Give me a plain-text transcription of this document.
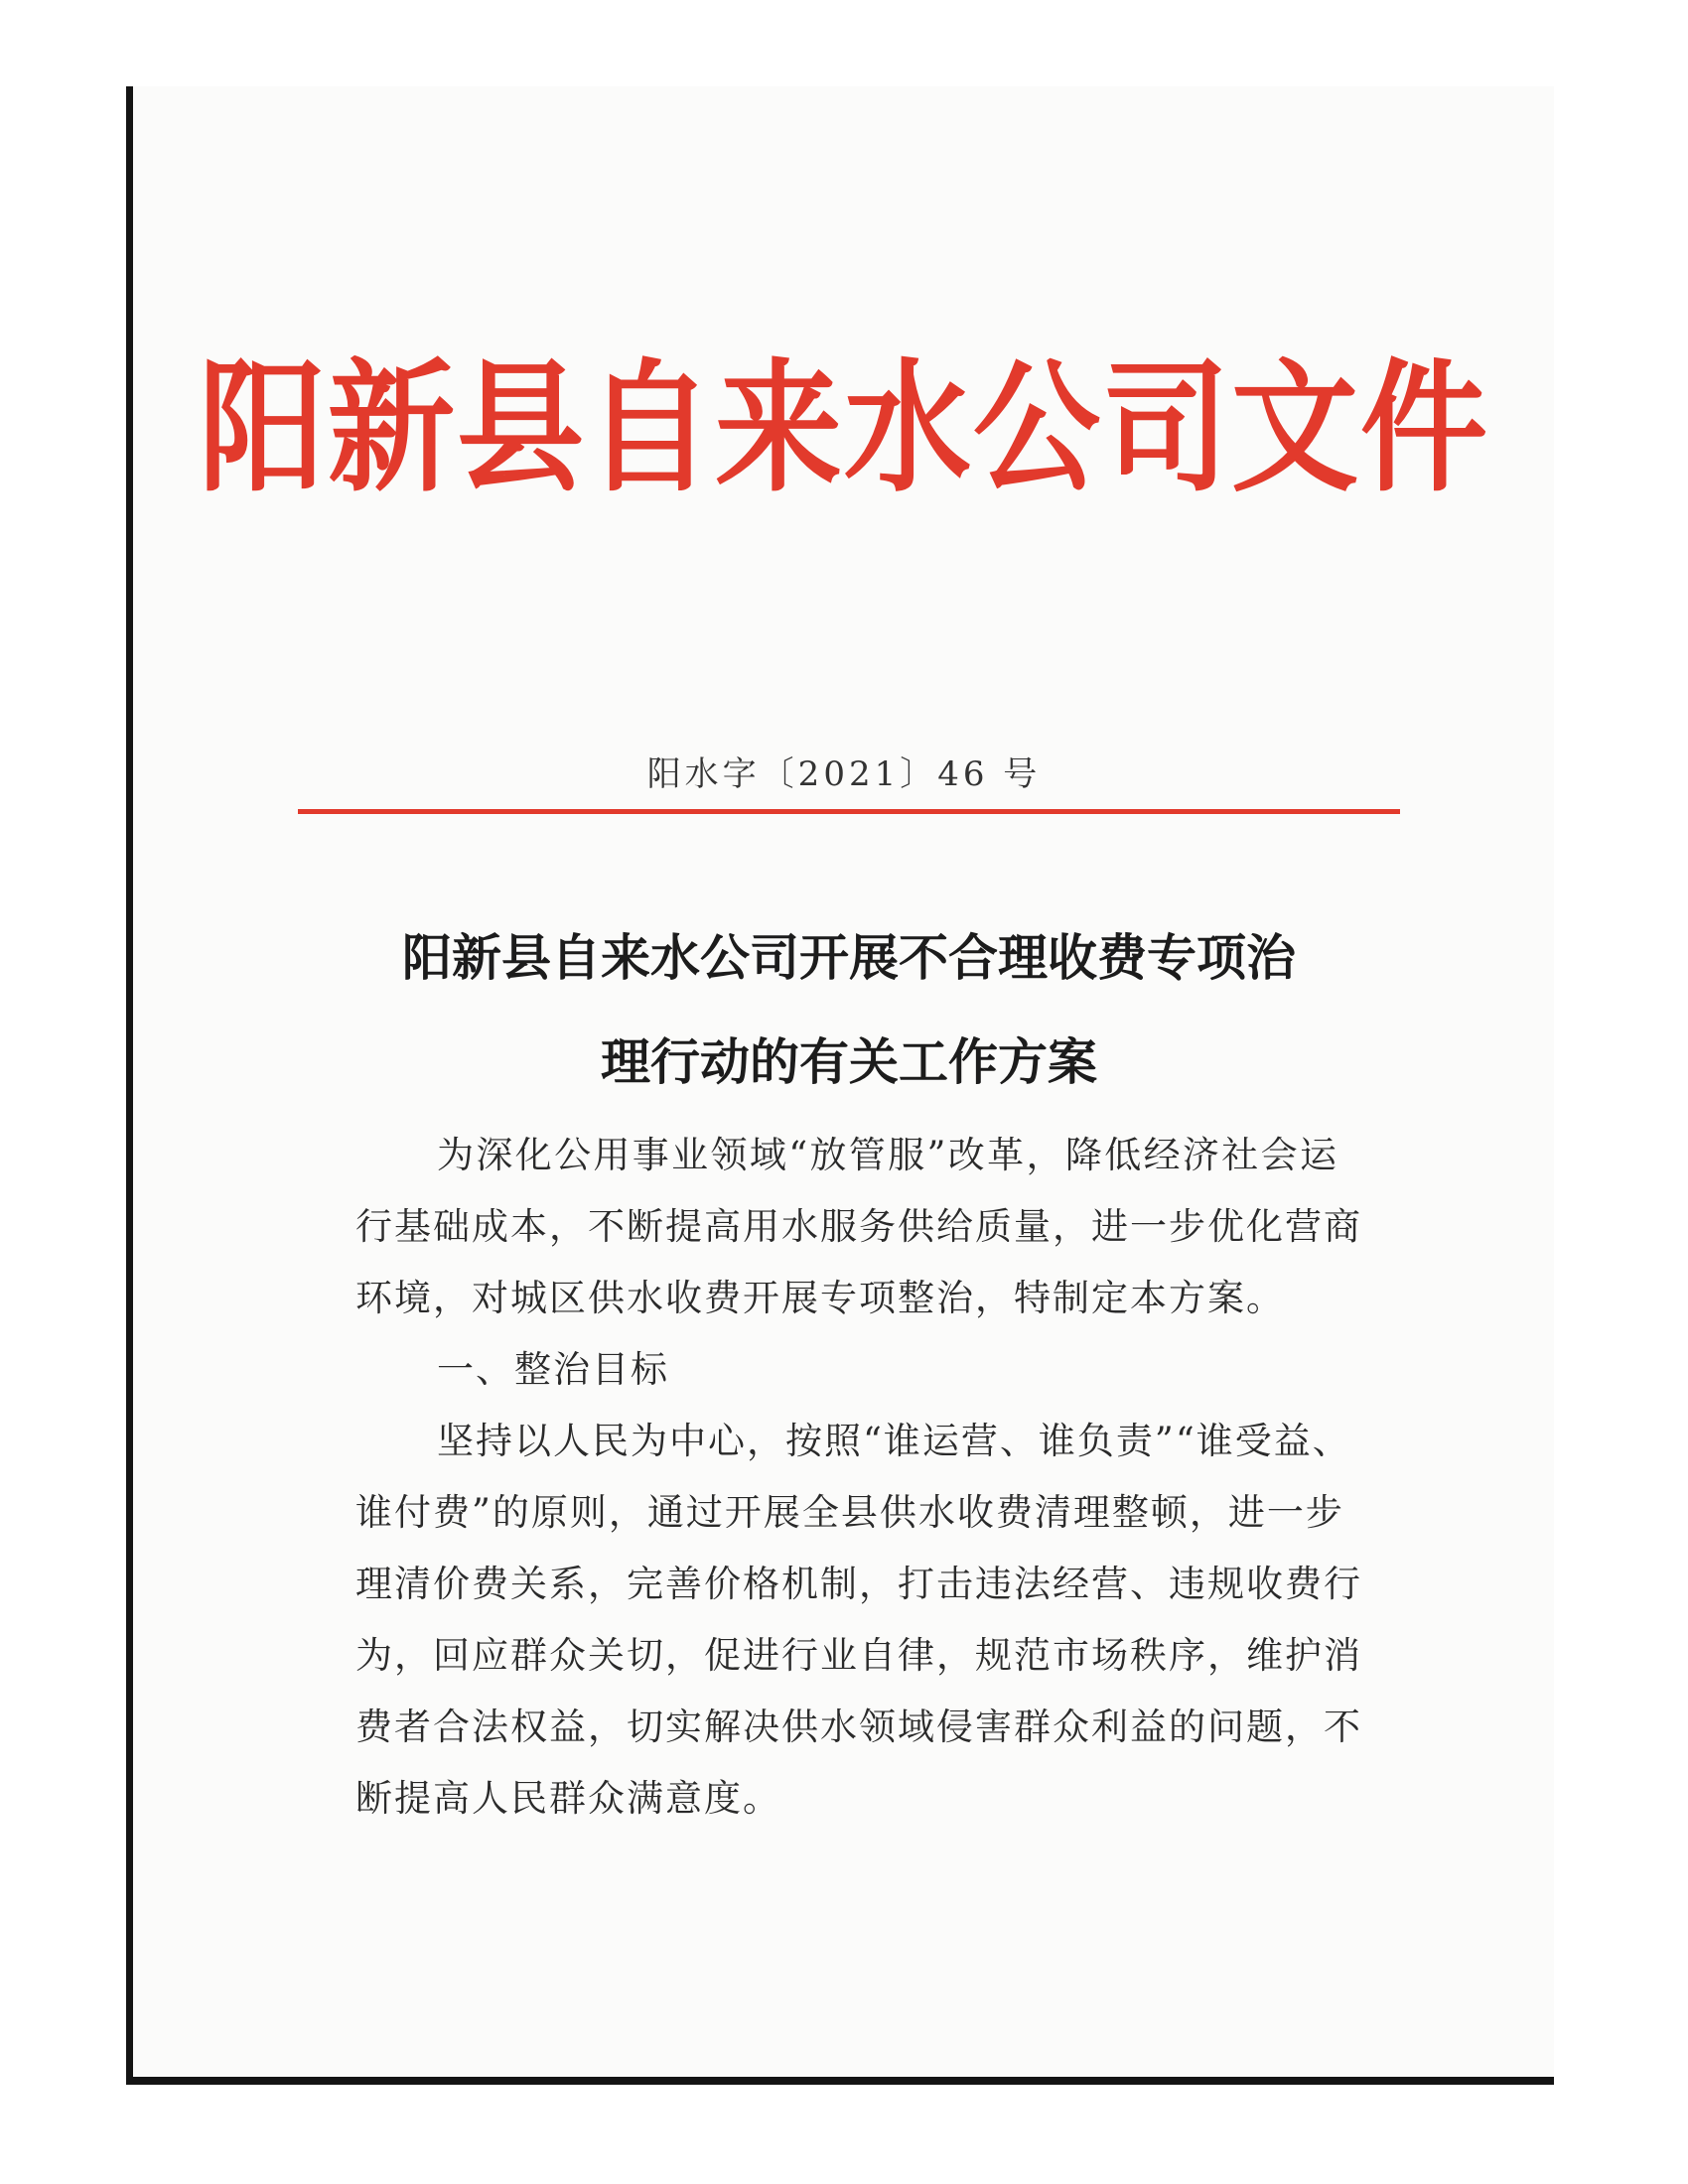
阳新县自来水公司文件
阳水字〔2021〕46 号
阳新县自来水公司开展不合理收费专项治
理行动的有关工作方案
为深化公用事业领域“放管服”改革，降低经济社会运
行基础成本，不断提高用水服务供给质量，进一步优化营商
环境，对城区供水收费开展专项整治，特制定本方案。
一、整治目标
坚持以人民为中心，按照“谁运营、谁负责”“谁受益、
谁付费”的原则，通过开展全县供水收费清理整顿，进一步
理清价费关系，完善价格机制，打击违法经营、违规收费行
为，回应群众关切，促进行业自律，规范市场秩序，维护消
费者合法权益，切实解决供水领域侵害群众利益的问题，不
断提高人民群众满意度。
